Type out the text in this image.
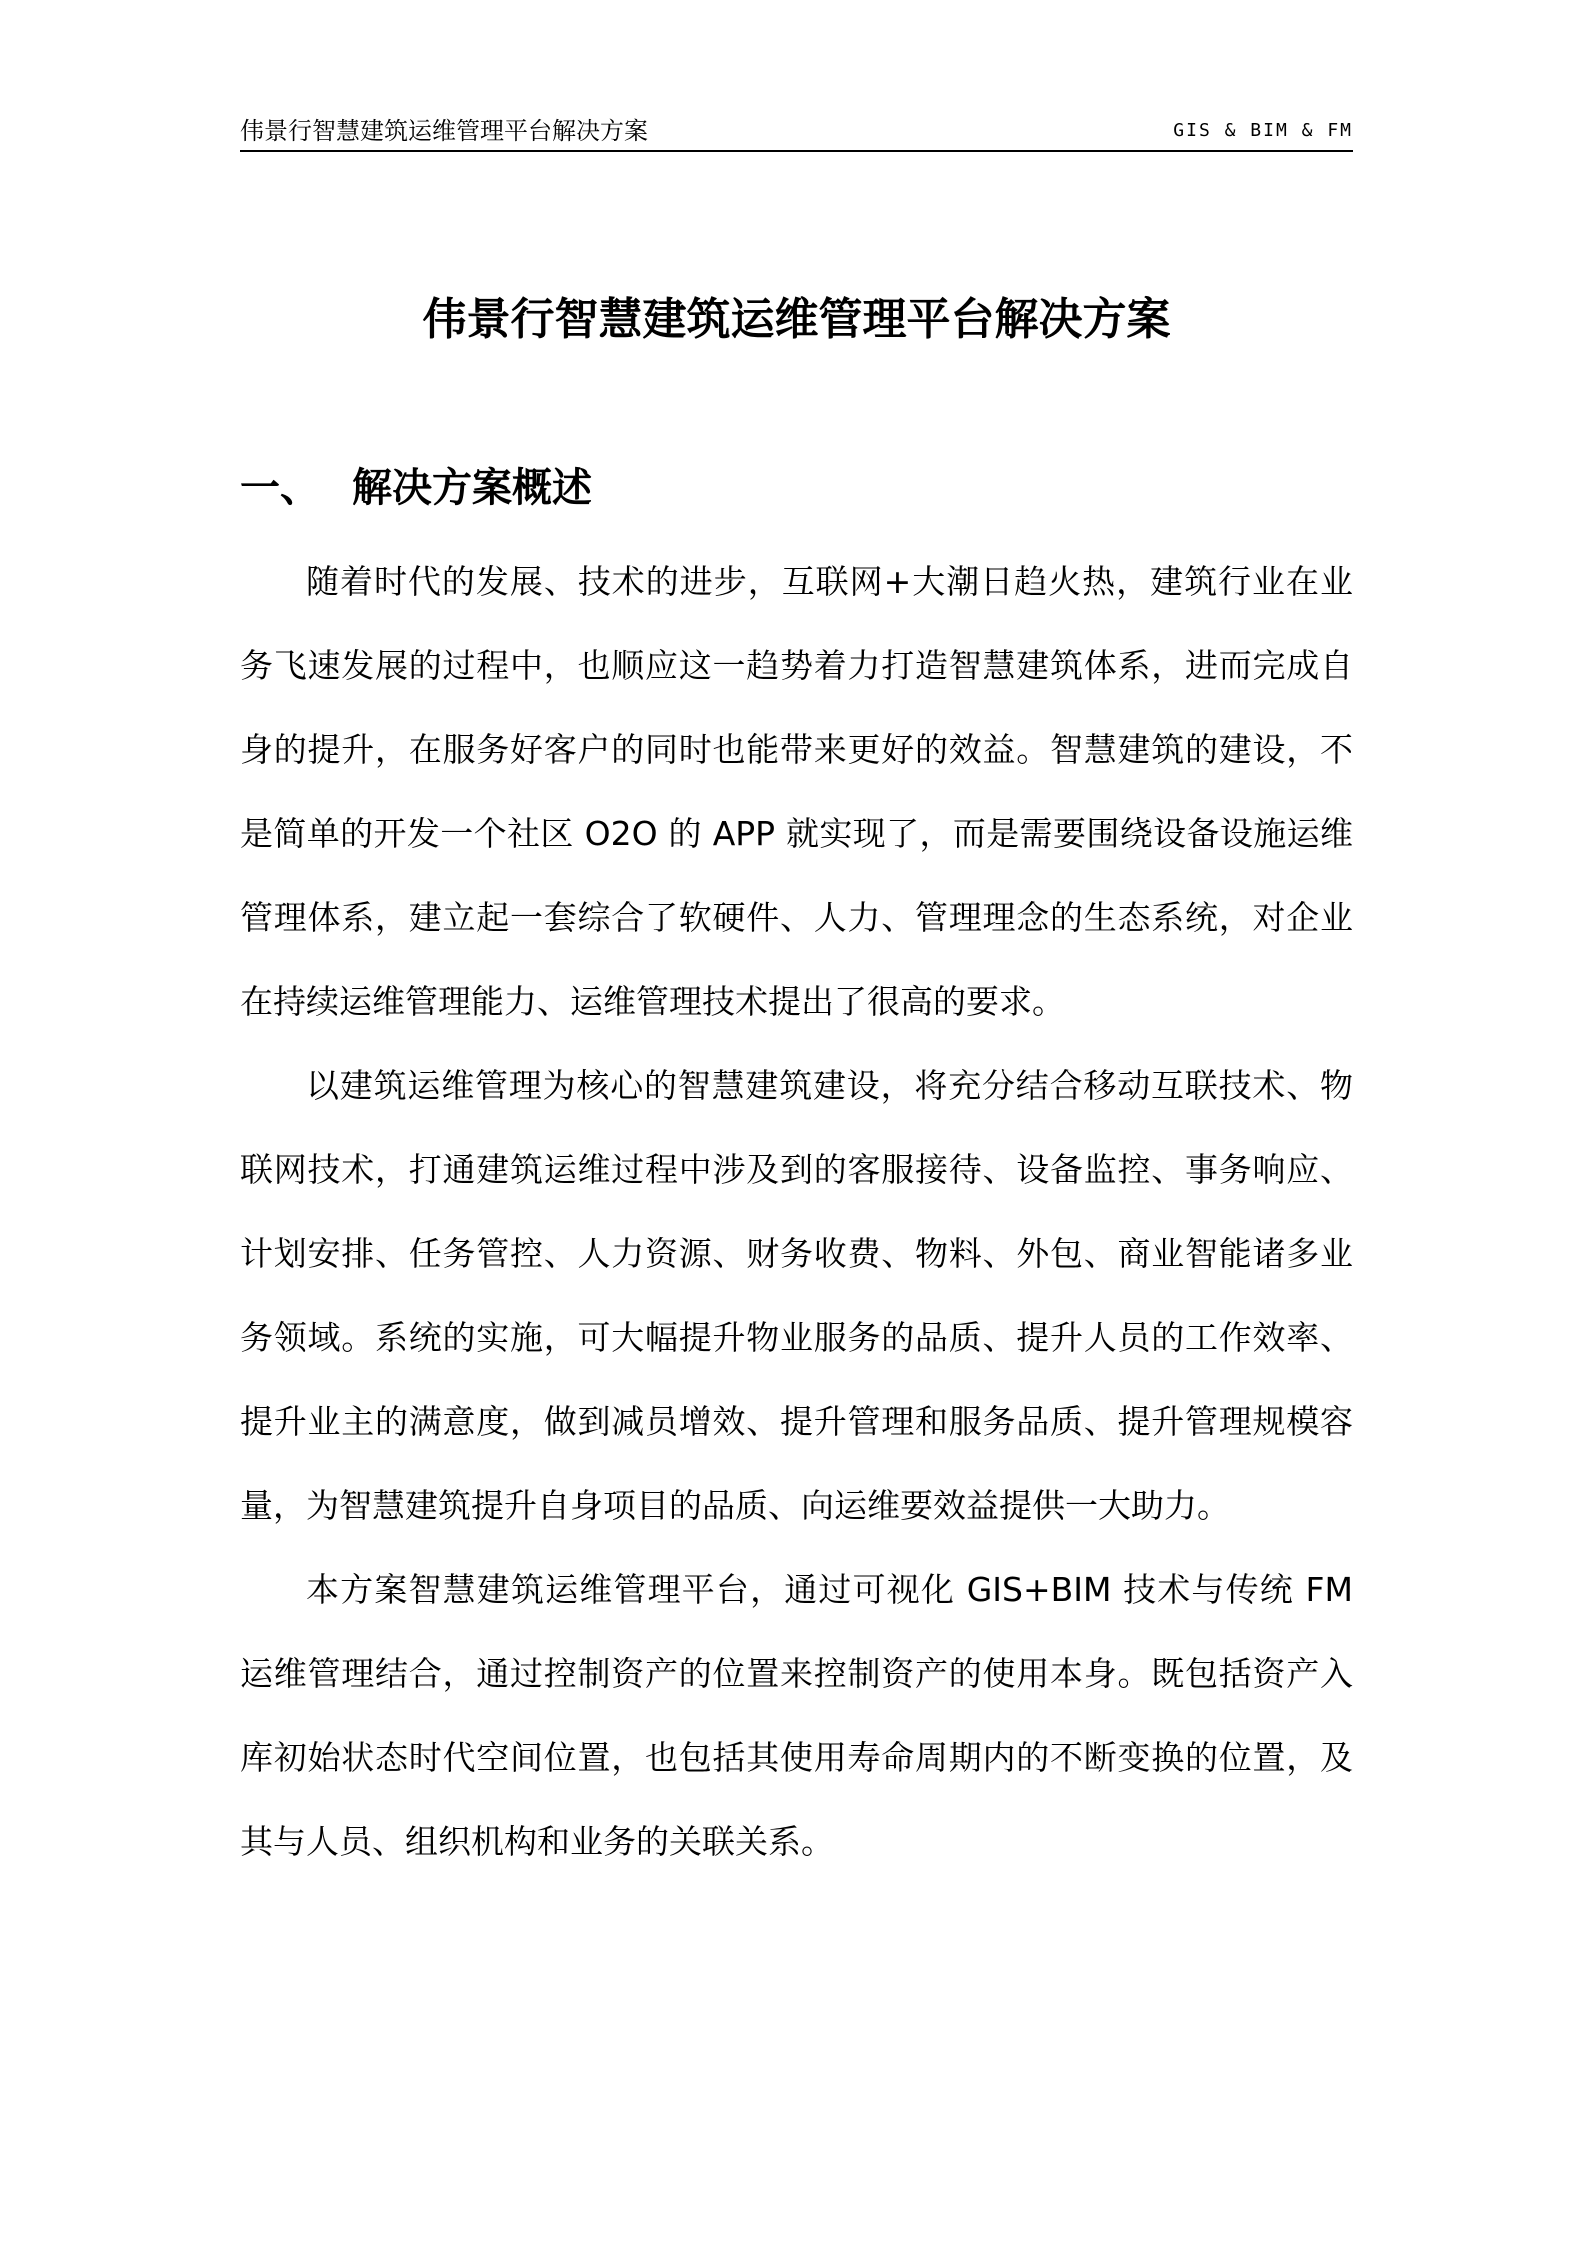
伟景行智慧建筑运维管理平台解决方案	GIS & BIM & FM
伟景行智慧建筑运维管理平台解决方案
一、 解决方案概述

随着时代的发展、技术的进步，互联网+大潮日趋火热，建筑行业在业务飞速发展的过程中，也顺应这一趋势着力打造智慧建筑体系，进而完成自身的提升，在服务好客户的同时也能带来更好的效益。智慧建筑的建设，不是简单的开发一个社区 O2O 的 APP 就实现了，而是需要围绕设备设施运维管理体系，建立起一套综合了软硬件、人力、管理理念的生态系统，对企业在持续运维管理能力、运维管理技术提出了很高的要求。

以建筑运维管理为核心的智慧建筑建设，将充分结合移动互联技术、物联网技术，打通建筑运维过程中涉及到的客服接待、设备监控、事务响应、计划安排、任务管控、人力资源、财务收费、物料、外包、商业智能诸多业务领域。系统的实施，可大幅提升物业服务的品质、提升人员的工作效率、提升业主的满意度，做到减员增效、提升管理和服务品质、提升管理规模容量，为智慧建筑提升自身项目的品质、向运维要效益提供一大助力。

本方案智慧建筑运维管理平台，通过可视化 GIS+BIM 技术与传统 FM 运维管理结合，通过控制资产的位置来控制资产的使用本身。既包括资产入库初始状态时代空间位置，也包括其使用寿命周期内的不断变换的位置，及其与人员、组织机构和业务的关联关系。
